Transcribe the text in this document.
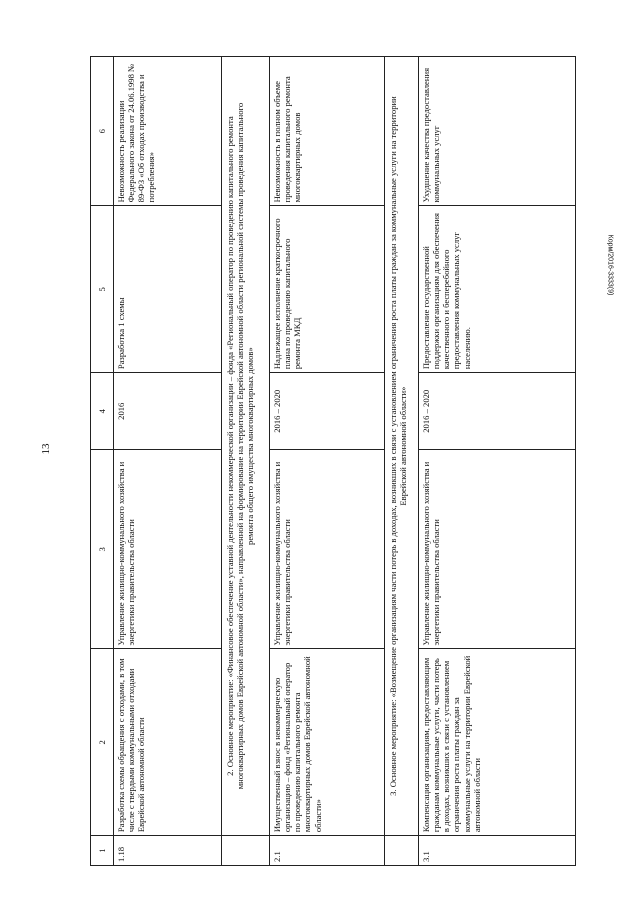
13
Корм/2016-3333(9)
1	2	3	4	5	6
1.18	Разработка схемы обращения с отходами, в том числе с твердыми коммунальными отходами Еврейской автономной области	Управление жилищно-коммунального хозяйства и энергетики правительства области	2016	Разработка 1 схемы	Невозможность реализации Федерального закона от 24.06.1998 № 89-ФЗ «Об отходах производства и потребления»
	2. Основное мероприятие: «Финансовое обеспечение уставной деятельности некоммерческой организации – фонда «Региональный оператор по проведению капитального ремонта многоквартирных домов Еврейской автономной области», направленной на формирование на территории Еврейской автономной области региональной системы проведения капитального ремонта общего имущества многоквартирных домов»				
2.1	Имущественный взнос в некоммерческую организацию – фонд «Региональный оператор по проведению капитального ремонта многоквартирных домов Еврейской автономной области»	Управление жилищно-коммунального хозяйства и энергетики правительства области	2016 – 2020	Надлежащее исполнение краткосрочного плана по проведению капитального ремонта МКД	Невозможность в полном объеме проведения капитального ремонта многоквартирных домов
	3. Основное мероприятие: «Возмещение организациям части потерь в доходах, возникших в связи с установлением ограничения роста платы граждан за коммунальные услуги на территории Еврейской автономной области»				
3.1	Компенсация организациям, предоставляющим гражданам коммунальные услуги, части потерь в доходах, возникших в связи с установлением ограничения роста платы граждан за коммунальные услуги на территории Еврейской автономной области	Управление жилищно-коммунального хозяйства и энергетики правительства области	2016 – 2020	Предоставление государственной поддержки организациям для обеспечения качественного и бесперебойного предоставления коммунальных услуг населению.	Ухудшение качества предоставления коммунальных услуг
